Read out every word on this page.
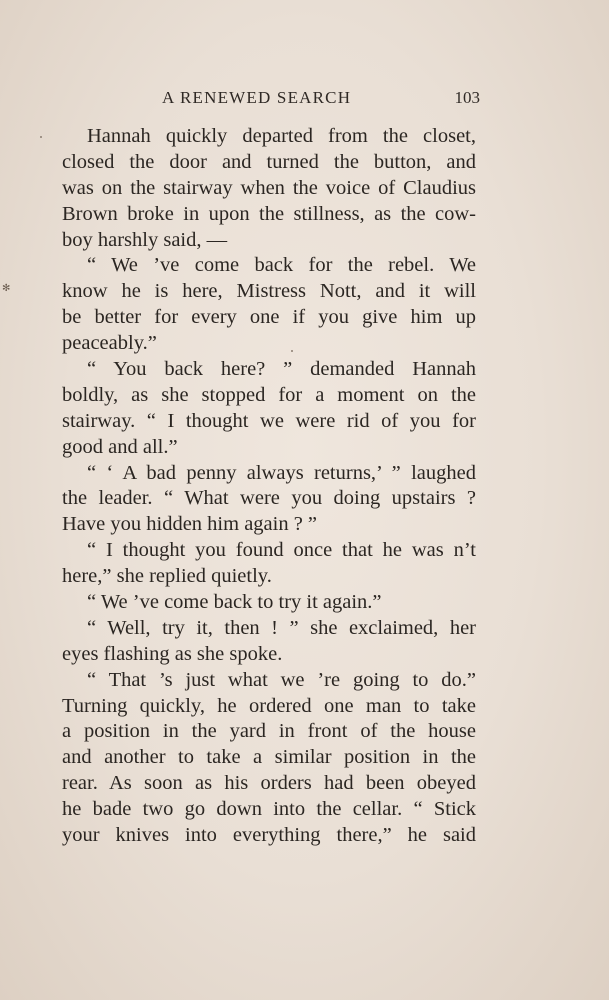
✻
A RENEWED SEARCH	103
Hannah quickly departed from the closet,
closed the door and turned the button, and
was on the stairway when the voice of Claudius
Brown broke in upon the stillness, as the cow-
boy harshly said, —
“ We ’ve come back for the rebel. We
know he is here, Mistress Nott, and it will
be better for every one if you give him up
peaceably.”
“ You back here? ” demanded Hannah
boldly, as she stopped for a moment on the
stairway. “ I thought we were rid of you for
good and all.”
“ ‘ A bad penny always returns,’ ” laughed
the leader. “ What were you doing upstairs ?
Have you hidden him again ? ”
“ I thought you found once that he was n’t
here,” she replied quietly.
“ We ’ve come back to try it again.”
“ Well, try it, then ! ” she exclaimed, her
eyes flashing as she spoke.
“ That ’s just what we ’re going to do.”
Turning quickly, he ordered one man to take
a position in the yard in front of the house
and another to take a similar position in the
rear. As soon as his orders had been obeyed
he bade two go down into the cellar. “ Stick
your knives into everything there,” he said
